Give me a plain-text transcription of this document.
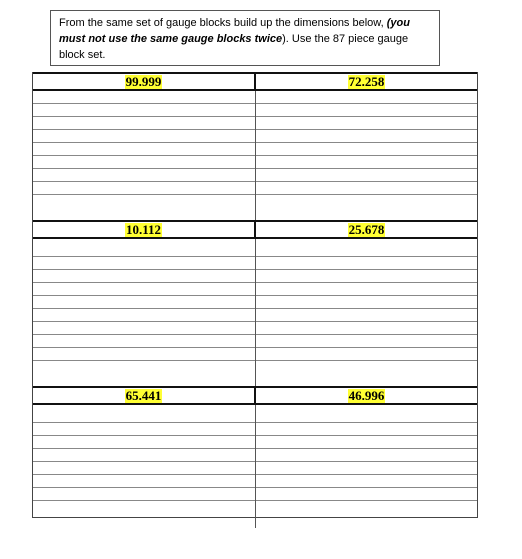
From the same set of gauge blocks build up the dimensions below, (you must not use the same gauge blocks twice). Use the 87 piece gauge block set.
99.999	72.258
10.112	25.678
65.441	46.996
